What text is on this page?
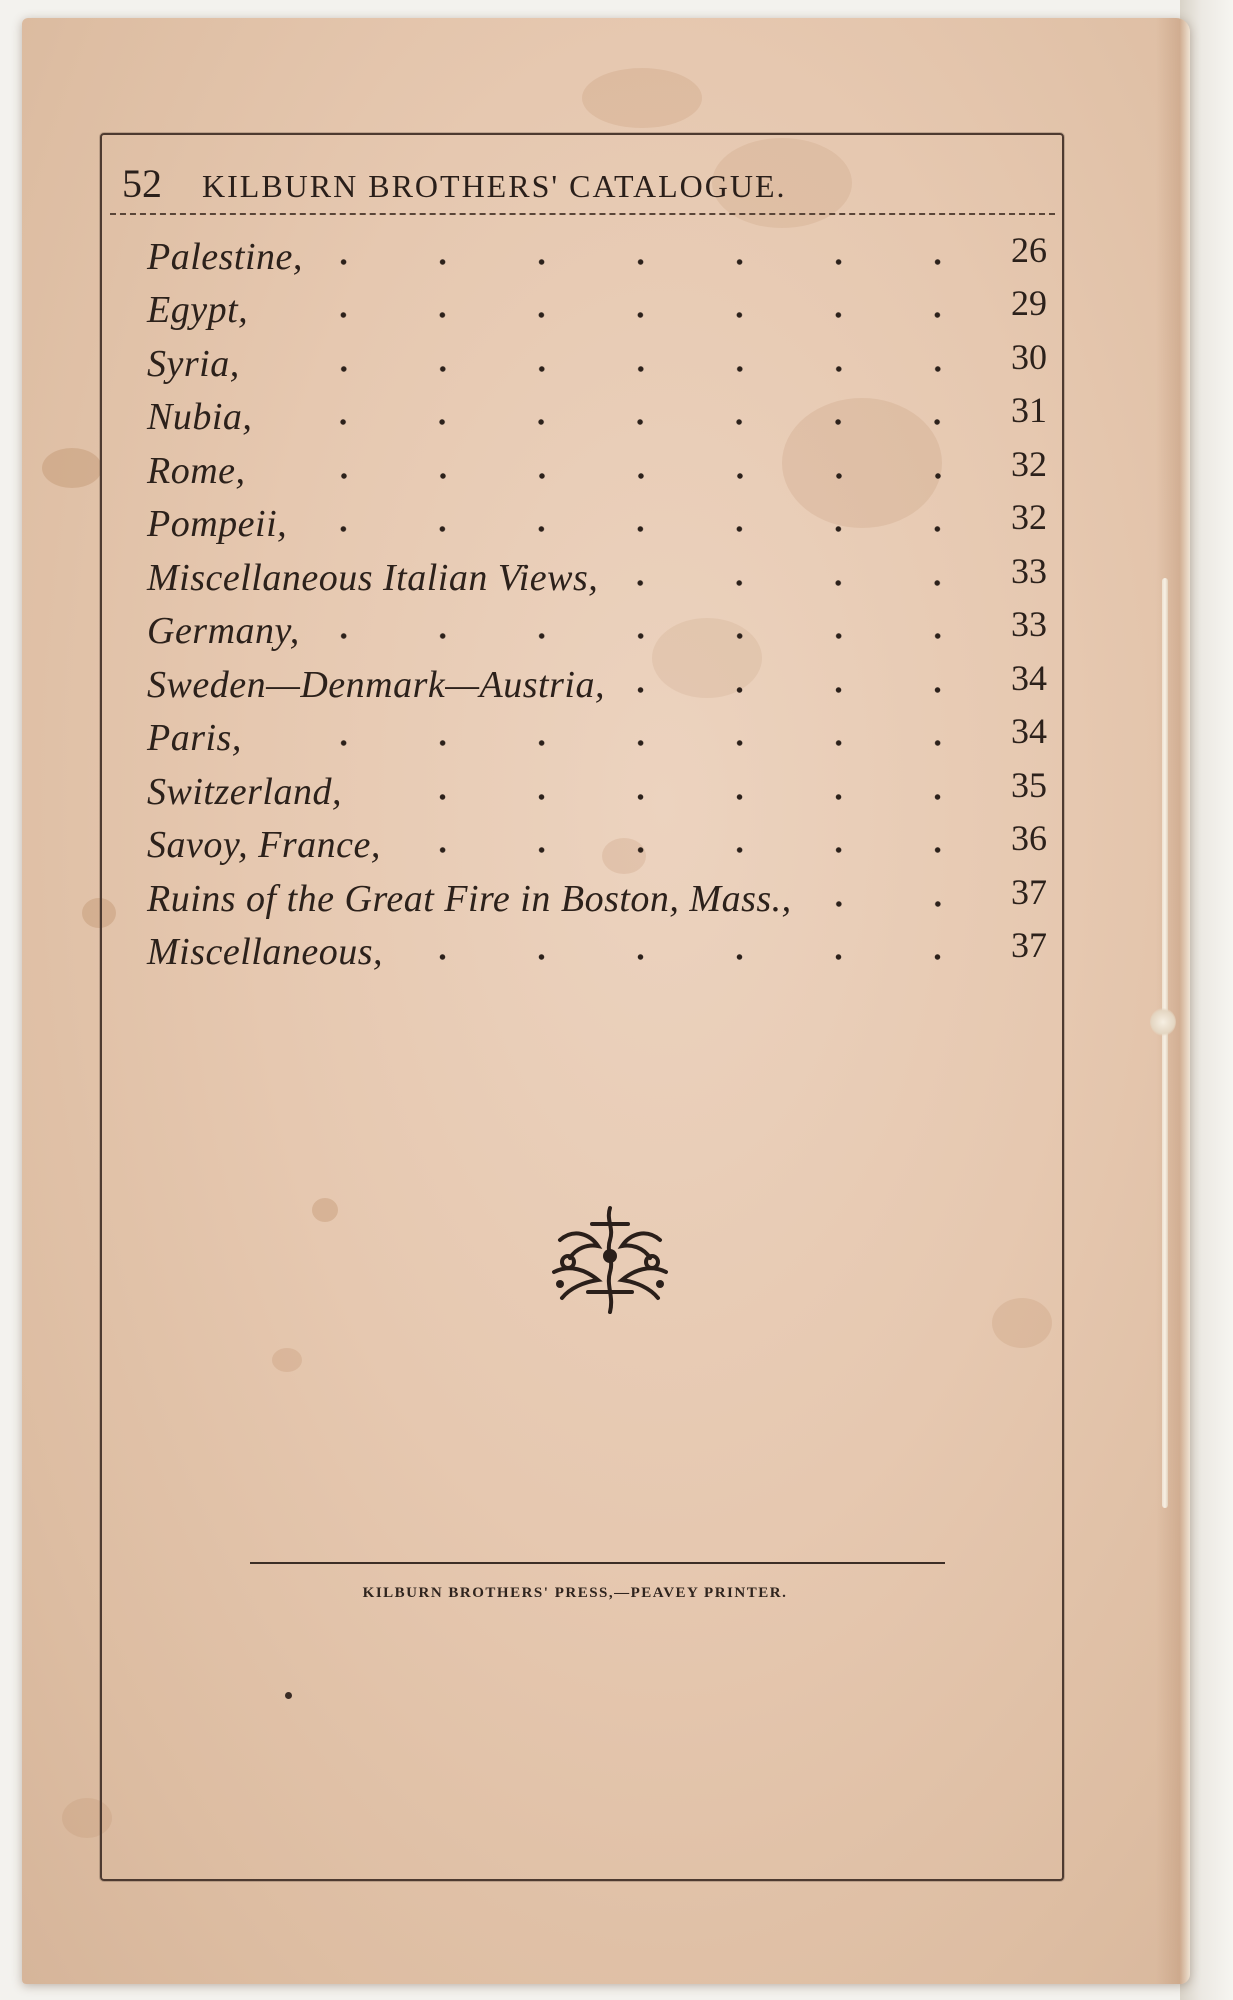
52 KILBURN BROTHERS' CATALOGUE.
Palestine,	26
Egypt,	29
Syria,	30
Nubia,	31
Rome,	32
Pompeii,	32
Miscellaneous Italian Views,	33
Germany,	33
Sweden—Denmark—Austria,	34
Paris,	34
Switzerland,	35
Savoy, France,	36
Ruins of the Great Fire in Boston, Mass.,	37
Miscellaneous,	37
KILBURN BROTHERS' PRESS,—PEAVEY PRINTER.
